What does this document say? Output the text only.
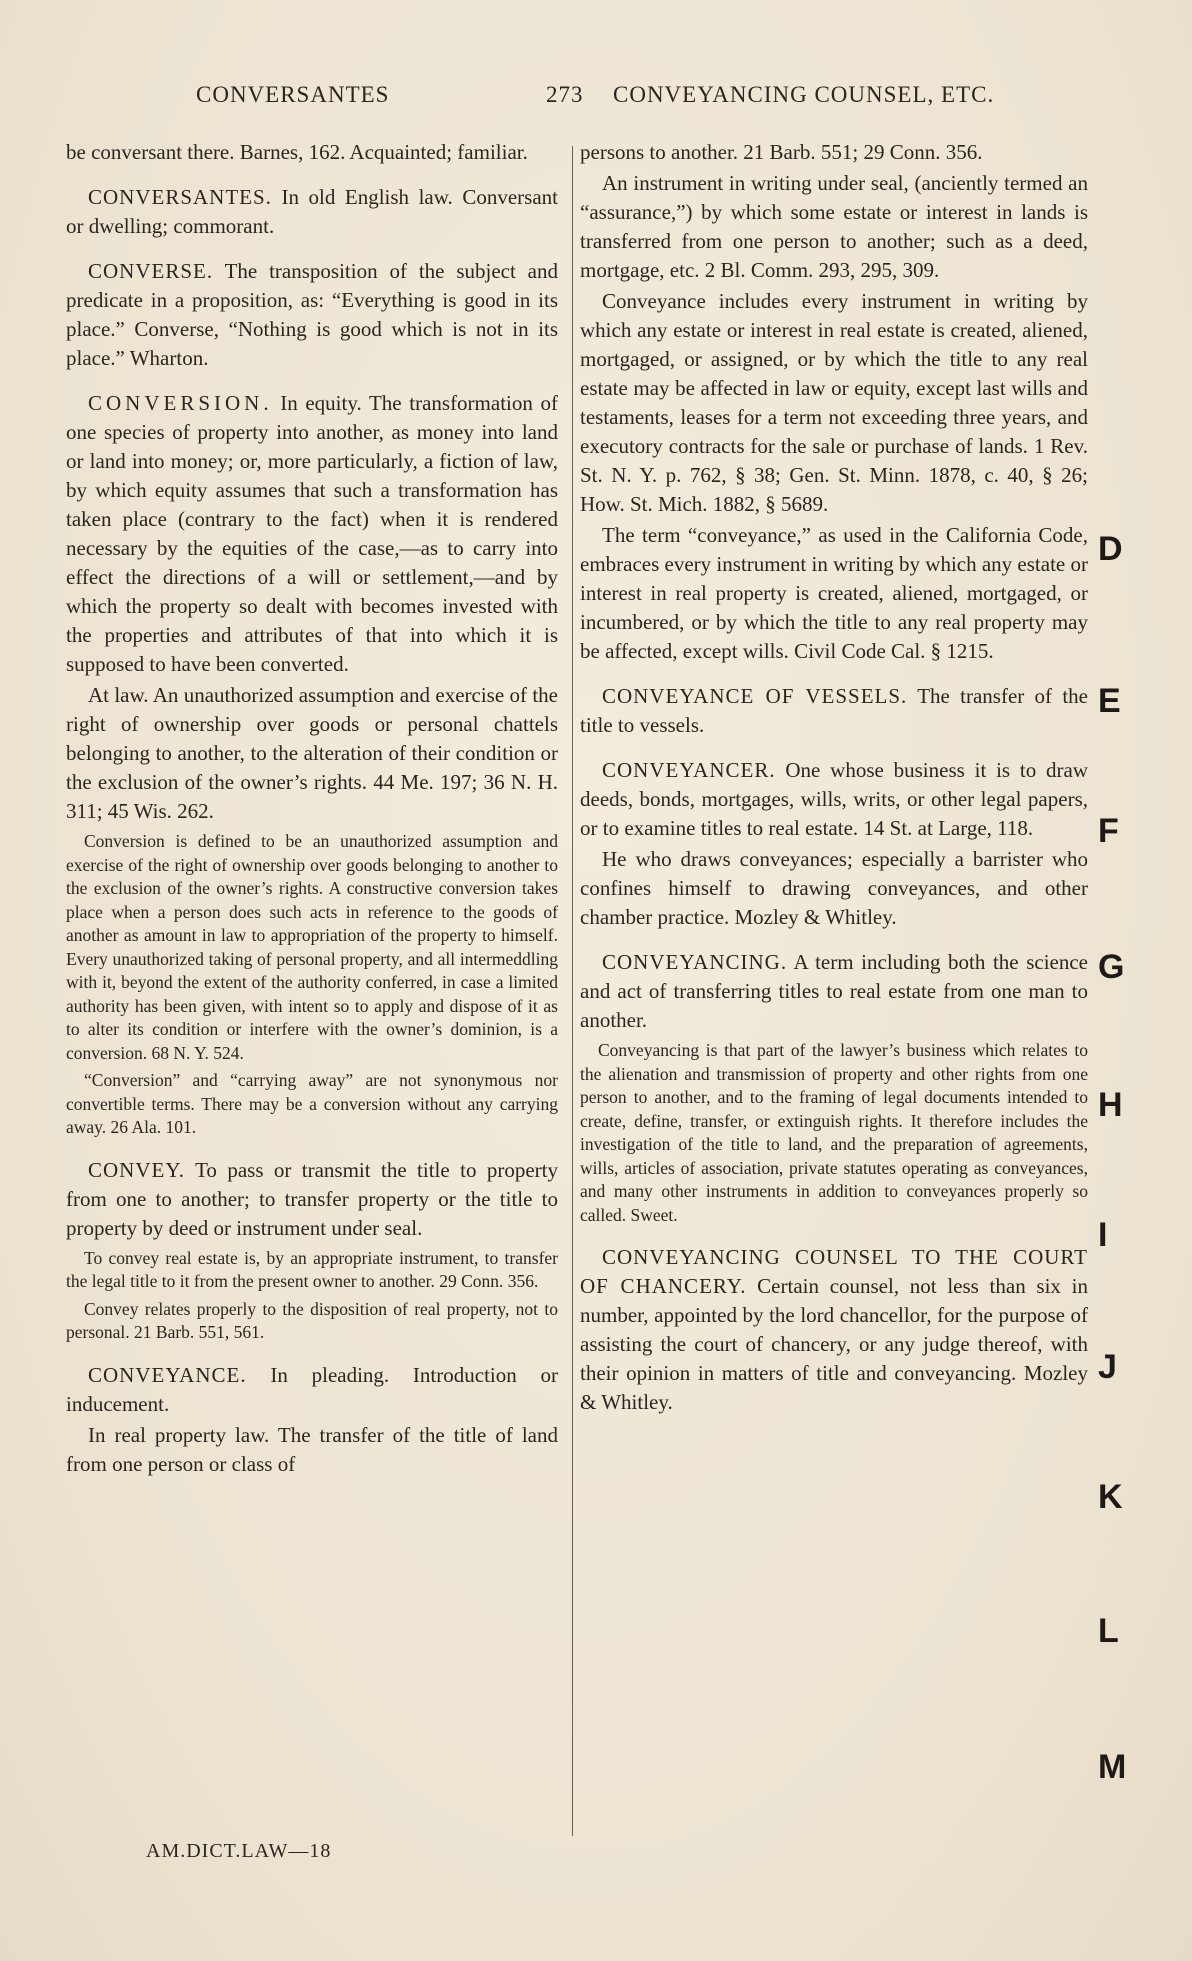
CONVERSANTES	273 CONVEYANCING COUNSEL, ETC.

be conversant there. Barnes, 162. Acquainted; familiar.

CONVERSANTES. In old English law. Conversant or dwelling; commorant.

CONVERSE. The transposition of the subject and predicate in a proposition, as: “Everything is good in its place.” Converse, “Nothing is good which is not in its place.” Wharton.

CONVERSION. In equity. The transformation of one species of property into another, as money into land or land into money; or, more particularly, a fiction of law, by which equity assumes that such a transformation has taken place (contrary to the fact) when it is rendered necessary by the equities of the case,—as to carry into effect the directions of a will or settlement,—and by which the property so dealt with becomes invested with the properties and attributes of that into which it is supposed to have been converted.

At law. An unauthorized assumption and exercise of the right of ownership over goods or personal chattels belonging to another, to the alteration of their condition or the exclusion of the owner’s rights. 44 Me. 197; 36 N. H. 311; 45 Wis. 262.

Conversion is defined to be an unauthorized assumption and exercise of the right of ownership over goods belonging to another to the exclusion of the owner’s rights. A constructive conversion takes place when a person does such acts in reference to the goods of another as amount in law to appropriation of the property to himself. Every unauthorized taking of personal property, and all intermeddling with it, beyond the extent of the authority conferred, in case a limited authority has been given, with intent so to apply and dispose of it as to alter its condition or interfere with the owner’s dominion, is a conversion. 68 N. Y. 524.

“Conversion” and “carrying away” are not synonymous nor convertible terms. There may be a conversion without any carrying away. 26 Ala. 101.

CONVEY. To pass or transmit the title to property from one to another; to transfer property or the title to property by deed or instrument under seal.

To convey real estate is, by an appropriate instrument, to transfer the legal title to it from the present owner to another. 29 Conn. 356.

Convey relates properly to the disposition of real property, not to personal. 21 Barb. 551, 561.

CONVEYANCE. In pleading. Introduction or inducement.

In real property law. The transfer of the title of land from one person or class of

persons to another. 21 Barb. 551; 29 Conn. 356.

An instrument in writing under seal, (anciently termed an “assurance,”) by which some estate or interest in lands is transferred from one person to another; such as a deed, mortgage, etc. 2 Bl. Comm. 293, 295, 309.

Conveyance includes every instrument in writing by which any estate or interest in real estate is created, aliened, mortgaged, or assigned, or by which the title to any real estate may be affected in law or equity, except last wills and testaments, leases for a term not exceeding three years, and executory contracts for the sale or purchase of lands. 1 Rev. St. N. Y. p. 762, § 38; Gen. St. Minn. 1878, c. 40, § 26; How. St. Mich. 1882, § 5689.

The term “conveyance,” as used in the California Code, embraces every instrument in writing by which any estate or interest in real property is created, aliened, mortgaged, or incumbered, or by which the title to any real property may be affected, except wills. Civil Code Cal. § 1215.

CONVEYANCE OF VESSELS. The transfer of the title to vessels.

CONVEYANCER. One whose business it is to draw deeds, bonds, mortgages, wills, writs, or other legal papers, or to examine titles to real estate. 14 St. at Large, 118.

He who draws conveyances; especially a barrister who confines himself to drawing conveyances, and other chamber practice. Mozley & Whitley.

CONVEYANCING. A term including both the science and act of transferring titles to real estate from one man to another.

Conveyancing is that part of the lawyer’s business which relates to the alienation and transmission of property and other rights from one person to another, and to the framing of legal documents intended to create, define, transfer, or extinguish rights. It therefore includes the investigation of the title to land, and the preparation of agreements, wills, articles of association, private statutes operating as conveyances, and many other instruments in addition to conveyances properly so called. Sweet.

CONVEYANCING COUNSEL TO THE COURT OF CHANCERY. Certain counsel, not less than six in number, appointed by the lord chancellor, for the purpose of assisting the court of chancery, or any judge thereof, with their opinion in matters of title and conveyancing. Mozley & Whitley.

AM.DICT.LAW—18
D
E
F
G
H
I
J
K
L
M
